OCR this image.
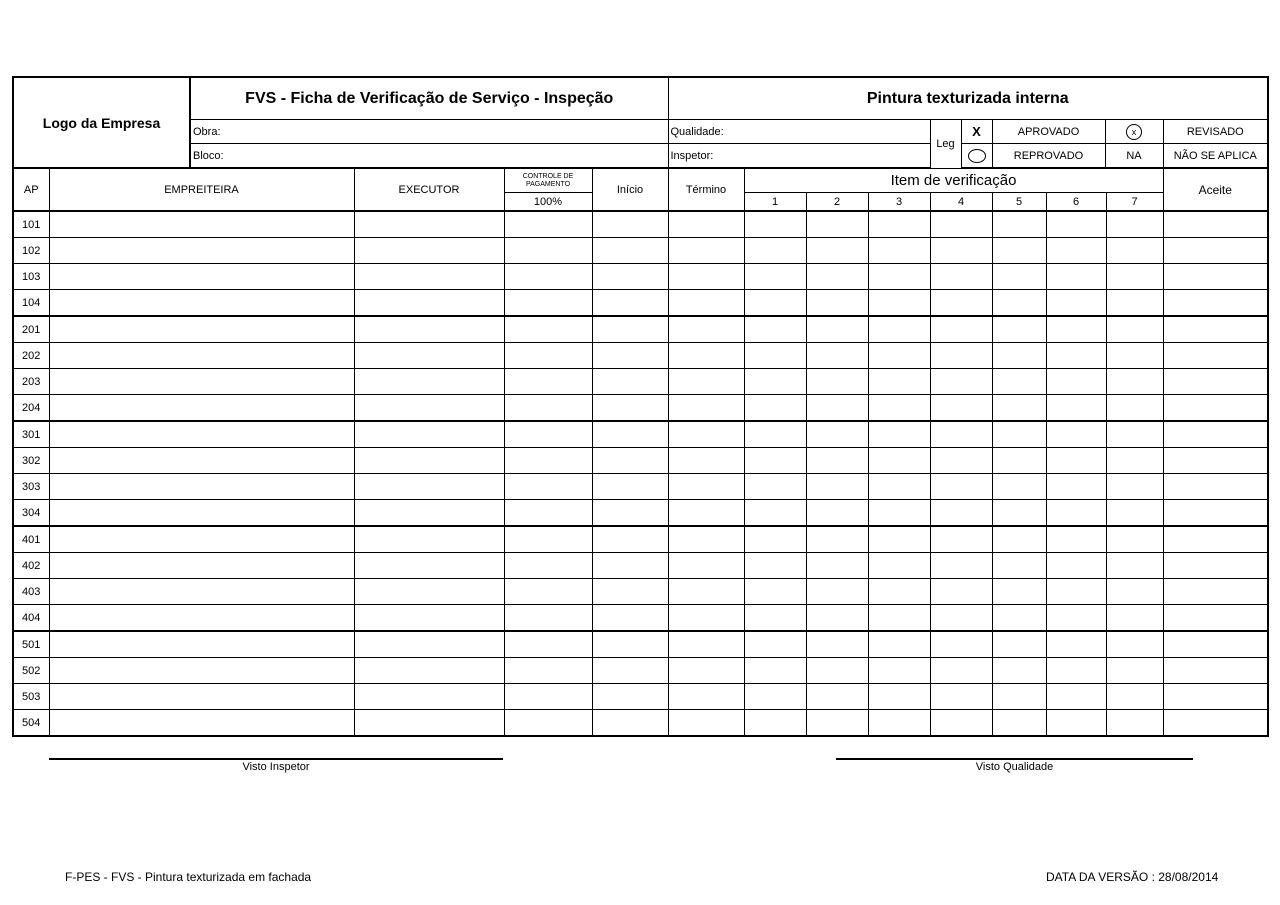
Logo da Empresa	FVS - Ficha de Verificação de Serviço - Inspeção	Pintura texturizada interna					
	Obra:	Qualidade:	Leg	X	APROVADO	x	REVISADO
	Bloco:	Inspetor:			REPROVADO	NA	NÃO SE APLICA
AP	EMPREITEIRA	EXECUTOR	CONTROLE DE PAGAMENTO	Início	Término	Item de verificação							Aceite
			100%			1	2	3	4	5	6	7	
101													
102													
103													
104													
201													
202													
203													
204													
301													
302													
303													
304													
401													
402													
403													
404													
501													
502													
503													
504													
Visto Inspetor	Visto Qualidade
F-PES - FVS - Pintura texturizada em fachada	DATA DA VERSÃO : 28/08/2014
